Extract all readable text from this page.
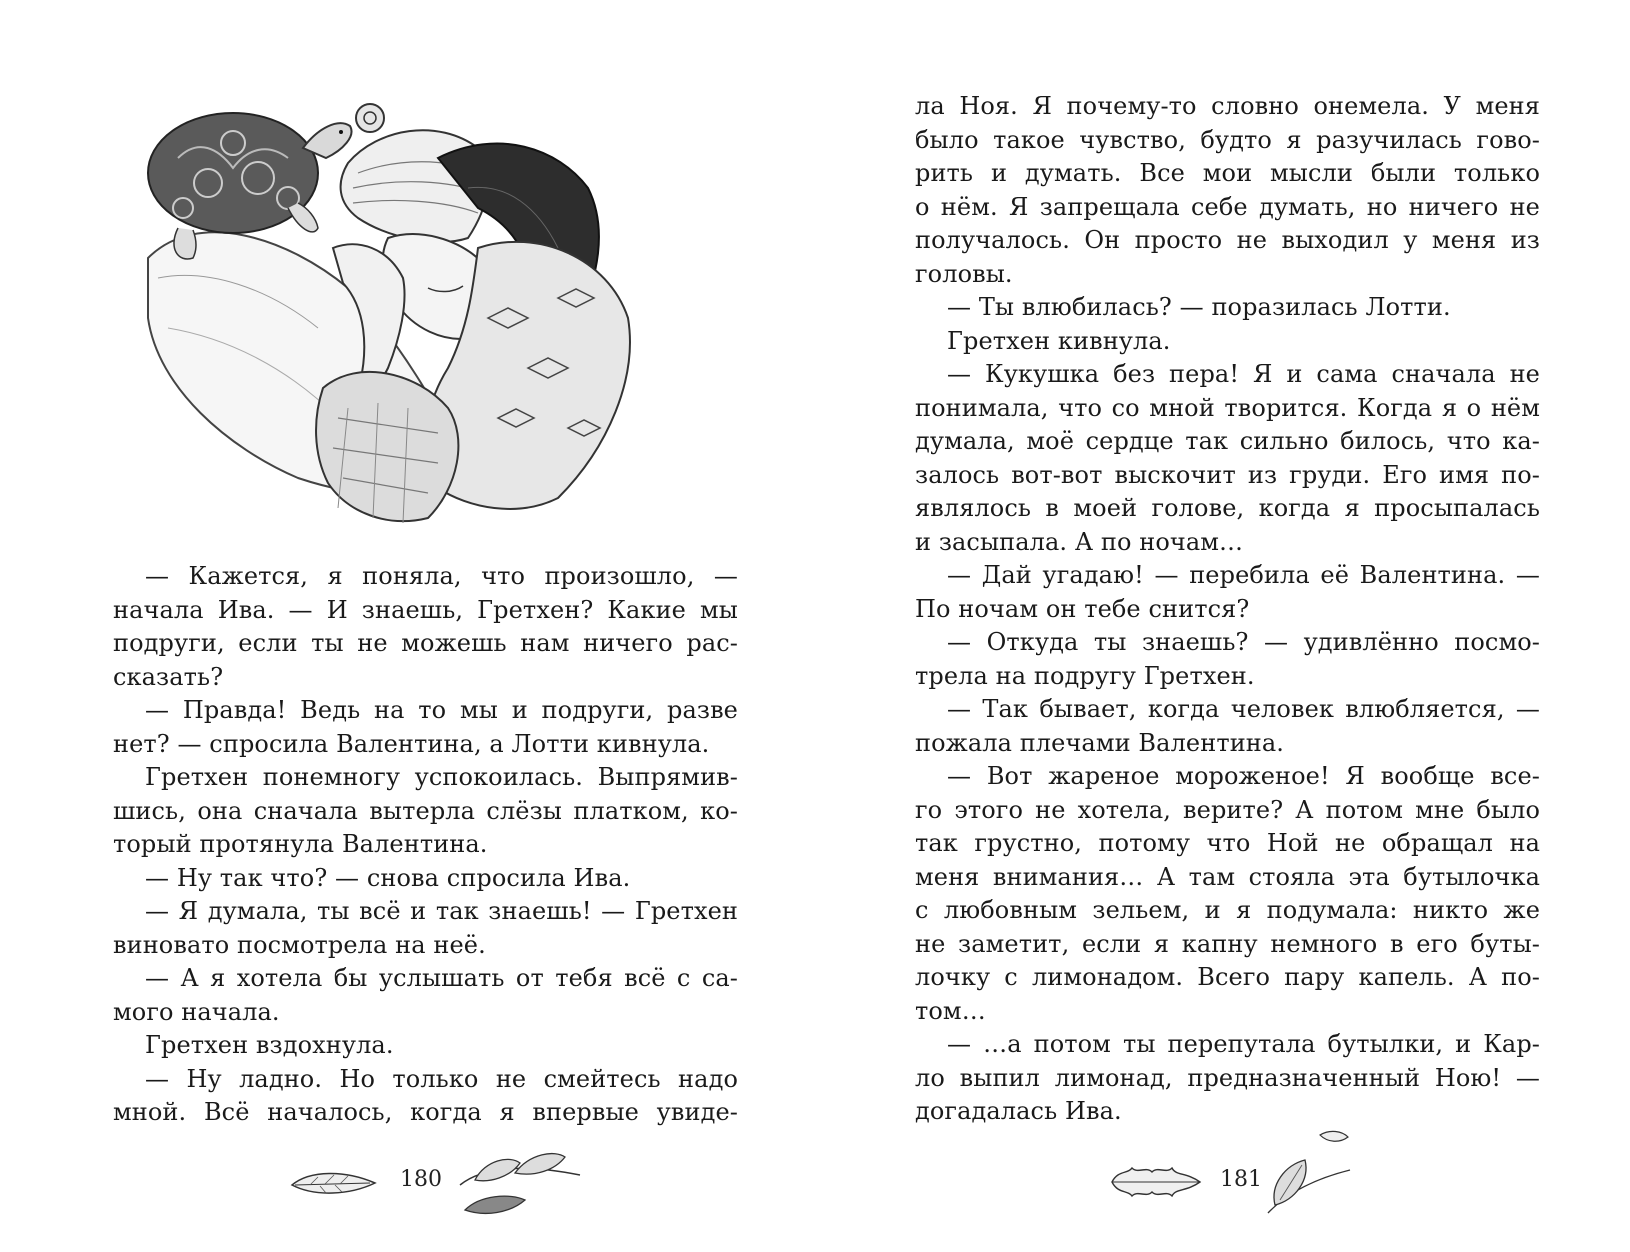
— Кажется, я поняла, что произошло, —
начала Ива. — И знаешь, Гретхен? Какие мы
подруги, если ты не можешь нам ничего рас-
сказать?

— Правда! Ведь на то мы и подруги, разве
нет? — спросила Валентина, а Лотти кивнула.

Гретхен понемногу успокоилась. Выпрямив-
шись, она сначала вытерла слёзы платком, ко-
торый протянула Валентина.

— Ну так что? — снова спросила Ива.

— Я думала, ты всё и так знаешь! — Гретхен
виновато посмотрела на неё.

— А я хотела бы услышать от тебя всё с са-
мого начала.

Гретхен вздохнула.

— Ну ладно. Но только не смейтесь надо
мной. Всё началось, когда я впервые увиде-

180

ла Ноя. Я почему-то словно онемела. У меня
было такое чувство, будто я разучилась гово-
рить и думать. Все мои мысли были только
о нём. Я запрещала себе думать, но ничего не
получалось. Он просто не выходил у меня из
головы.

— Ты влюбилась? — поразилась Лотти.

Гретхен кивнула.

— Кукушка без пера! Я и сама сначала не
понимала, что со мной творится. Когда я о нём
думала, моё сердце так сильно билось, что ка-
залось вот-вот выскочит из груди. Его имя по-
являлось в моей голове, когда я просыпалась
и засыпала. А по ночам…

— Дай угадаю! — перебила её Валентина. —
По ночам он тебе снится?

— Откуда ты знаешь? — удивлённо посмо-
трела на подругу Гретхен.

— Так бывает, когда человек влюбляется, —
пожала плечами Валентина.

— Вот жареное мороженое! Я вообще все-
го этого не хотела, верите? А потом мне было
так грустно, потому что Ной не обращал на
меня внимания… А там стояла эта бутылочка
с любовным зельем, и я подумала: никто же
не заметит, если я капну немного в его буты-
лочку с лимонадом. Всего пару капель. А по-
том…

— …а потом ты перепутала бутылки, и Кар-
ло выпил лимонад, предназначенный Ною! —
догадалась Ива.

181
